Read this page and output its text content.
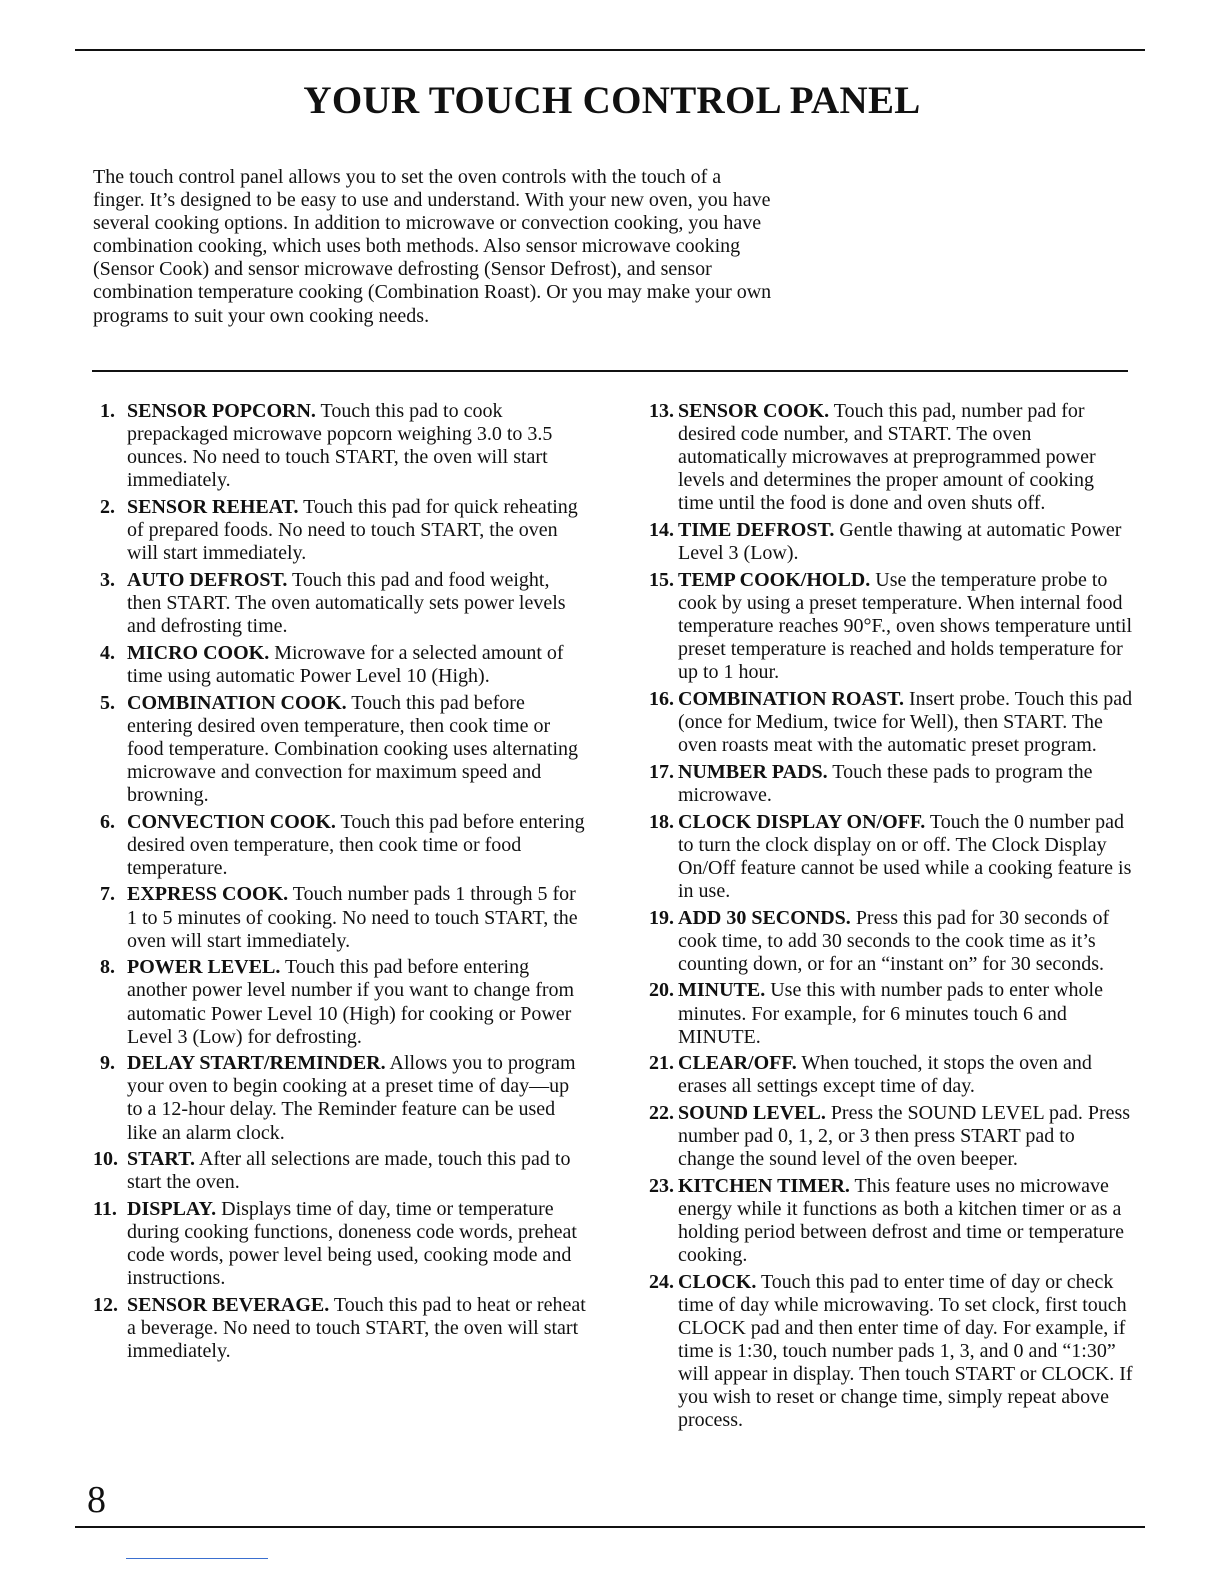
YOUR TOUCH CONTROL PANEL

The touch control panel allows you to set the oven controls with the touch of a finger. It’s designed to be easy to use and understand. With your new oven, you have several cooking options. In addition to microwave or convection cooking, you have combination cooking, which uses both methods. Also sensor microwave cooking (Sensor Cook) and sensor microwave defrosting (Sensor Defrost), and sensor combination temperature cooking (Combination Roast). Or you may make your own programs to suit your own cooking needs.

1. SENSOR POPCORN. Touch this pad to cook prepackaged microwave popcorn weighing 3.0 to 3.5 ounces. No need to touch START, the oven will start immediately.
2. SENSOR REHEAT. Touch this pad for quick reheating of prepared foods. No need to touch START, the oven will start immediately.
3. AUTO DEFROST. Touch this pad and food weight, then START. The oven automatically sets power levels and defrosting time.
4. MICRO COOK. Microwave for a selected amount of time using automatic Power Level 10 (High).
5. COMBINATION COOK. Touch this pad before entering desired oven temperature, then cook time or food temperature. Combination cooking uses alternating microwave and convection for maximum speed and browning.
6. CONVECTION COOK. Touch this pad before entering desired oven temperature, then cook time or food temperature.
7. EXPRESS COOK. Touch number pads 1 through 5 for 1 to 5 minutes of cooking. No need to touch START, the oven will start immediately.
8. POWER LEVEL. Touch this pad before entering another power level number if you want to change from automatic Power Level 10 (High) for cooking or Power Level 3 (Low) for defrosting.
9. DELAY START/REMINDER. Allows you to program your oven to begin cooking at a preset time of day—up to a 12-hour delay. The Reminder feature can be used like an alarm clock.
10. START. After all selections are made, touch this pad to start the oven.
11. DISPLAY. Displays time of day, time or temperature during cooking functions, doneness code words, preheat code words, power level being used, cooking mode and instructions.
12. SENSOR BEVERAGE. Touch this pad to heat or reheat a beverage. No need to touch START, the oven will start immediately.
13. SENSOR COOK. Touch this pad, number pad for desired code number, and START. The oven automatically microwaves at preprogrammed power levels and determines the proper amount of cooking time until the food is done and oven shuts off.
14. TIME DEFROST. Gentle thawing at automatic Power Level 3 (Low).
15. TEMP COOK/HOLD. Use the temperature probe to cook by using a preset temperature. When internal food temperature reaches 90°F., oven shows temperature until preset temperature is reached and holds temperature for up to 1 hour.
16. COMBINATION ROAST. Insert probe. Touch this pad (once for Medium, twice for Well), then START. The oven roasts meat with the automatic preset program.
17. NUMBER PADS. Touch these pads to program the microwave.
18. CLOCK DISPLAY ON/OFF. Touch the 0 number pad to turn the clock display on or off. The Clock Display On/Off feature cannot be used while a cooking feature is in use.
19. ADD 30 SECONDS. Press this pad for 30 seconds of cook time, to add 30 seconds to the cook time as it’s counting down, or for an “instant on” for 30 seconds.
20. MINUTE. Use this with number pads to enter whole minutes. For example, for 6 minutes touch 6 and MINUTE.
21. CLEAR/OFF. When touched, it stops the oven and erases all settings except time of day.
22. SOUND LEVEL. Press the SOUND LEVEL pad. Press number pad 0, 1, 2, or 3 then press START pad to change the sound level of the oven beeper.
23. KITCHEN TIMER. This feature uses no microwave energy while it functions as both a kitchen timer or as a holding period between defrost and time or temperature cooking.
24. CLOCK. Touch this pad to enter time of day or check time of day while microwaving. To set clock, first touch CLOCK pad and then enter time of day. For example, if time is 1:30, touch number pads 1, 3, and 0 and “1:30” will appear in display. Then touch START or CLOCK. If you wish to reset or change time, simply repeat above process.
8
